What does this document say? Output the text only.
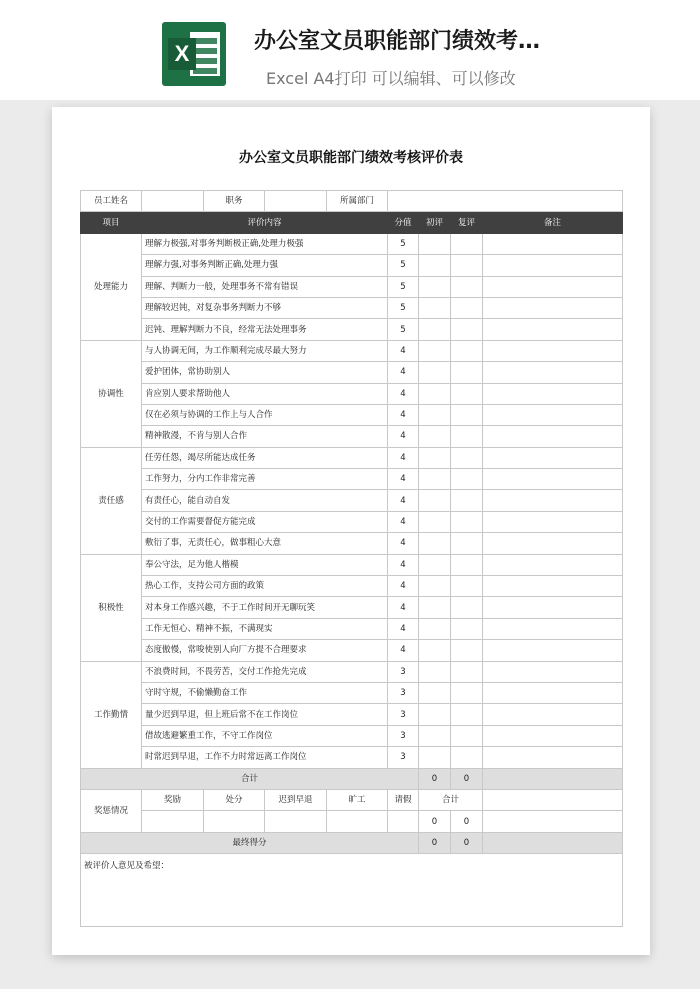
X	办公室文员职能部门绩效考…
Excel A4打印 可以编辑、可以修改
办公室文员职能部门绩效考核评价表
员工姓名		职务		所属部门				
项目	评价内容				分值	初评	复评	备注
处理能力	理解力极强,对事务判断极正确,处理力极强				5			
	理解力强,对事务判断正确,处理力强				5			
	理解、判断力一般，处理事务不常有错误				5			
	理解较迟钝，对复杂事务判断力不够				5			
	迟钝、理解判断力不良，经常无法处理事务				5			
协调性	与人协调无间，为工作顺利完成尽最大努力				4			
	爱护团体，常协助别人				4			
	肯应别人要求帮助他人				4			
	仅在必须与协调的工作上与人合作				4			
	精神散漫，不肯与别人合作				4			
责任感	任劳任怨，竭尽所能达成任务				4			
	工作努力，分内工作非常完善				4			
	有责任心，能自动自发				4			
	交付的工作需要督促方能完成				4			
	敷衍了事，无责任心，做事粗心大意				4			
积极性	奉公守法，足为他人楷模				4			
	热心工作，支持公司方面的政策				4			
	对本身工作感兴趣，不于工作时间开无聊玩笑				4			
	工作无恒心、精神不振，不满现实				4			
	态度傲慢，常唆使别人向厂方提不合理要求				4			
工作勤情	不浪费时间，不畏劳苦，交付工作抢先完成				3			
	守时守规，不偷懒勤奋工作				3			
	量少迟到早退，但上班后常不在工作岗位				3			
	借故逃避繁重工作，不守工作岗位				3			
	时常迟到早退，工作不力时常远离工作岗位				3			
合计						0	0	
奖惩情况	奖励	处分	迟到早退	旷工	请假	合计		
						0	0	
最终得分						0	0	
被评价人意见及希望：								
